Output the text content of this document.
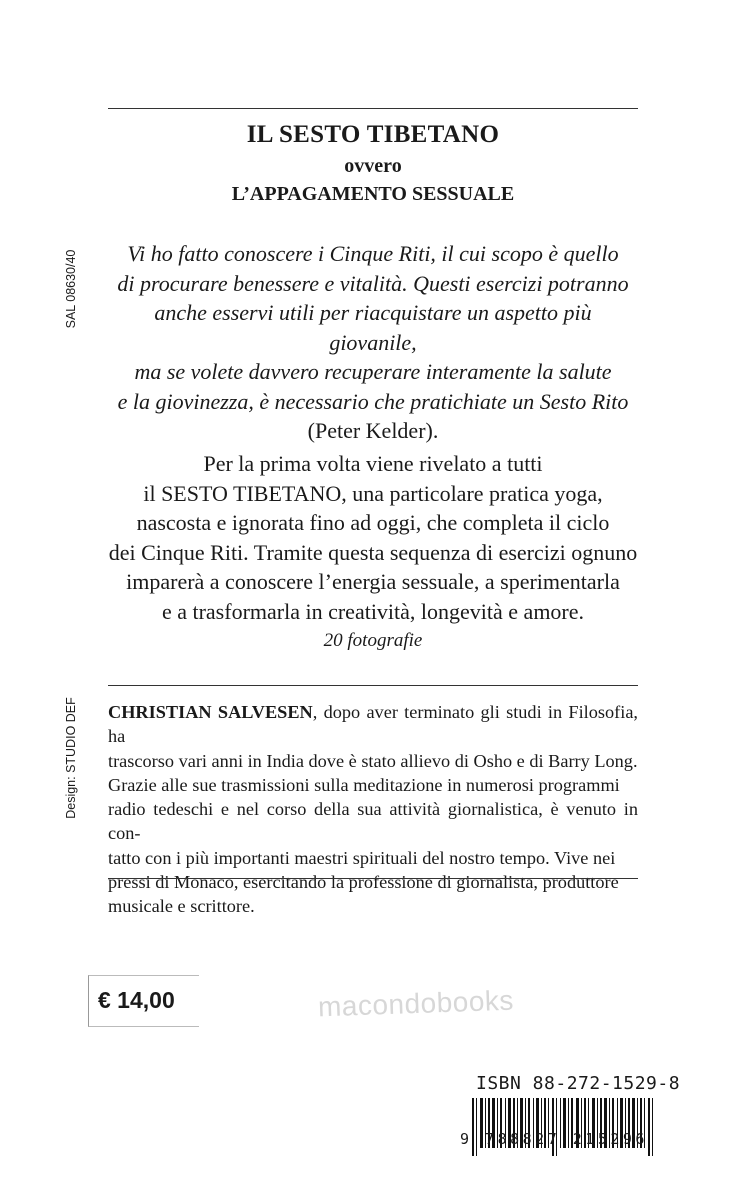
IL SESTO TIBETANO
ovvero
L’APPAGAMENTO SESSUALE
Vi ho fatto conoscere i Cinque Riti, il cui scopo è quello
di procurare benessere e vitalità. Questi esercizi potranno
anche esservi utili per riacquistare un aspetto più giovanile,
ma se volete davvero recuperare interamente la salute
e la giovinezza, è necessario che pratichiate un Sesto Rito
(Peter Kelder).
Per la prima volta viene rivelato a tutti
il SESTO TIBETANO, una particolare pratica yoga,
nascosta e ignorata fino ad oggi, che completa il ciclo
dei Cinque Riti. Tramite questa sequenza di esercizi ognuno
imparerà a conoscere l’energia sessuale, a sperimentarla
e a trasformarla in creatività, longevità e amore.
20 fotografie
CHRISTIAN SALVESEN, dopo aver terminato gli studi in Filosofia, ha
trascorso vari anni in India dove è stato allievo di Osho e di Barry Long.
Grazie alle sue trasmissioni sulla meditazione in numerosi programmi
radio tedeschi e nel corso della sua attività giornalistica, è venuto in con-
tatto con i più importanti maestri spirituali del nostro tempo. Vive nei
pressi di Monaco, esercitando la professione di giornalista, produttore
musicale e scrittore.
SAL 08630/40
Design: STUDIO DEF
€ 14,00	macondobooks
ISBN 88-272-1529-8
9 788827 215296
